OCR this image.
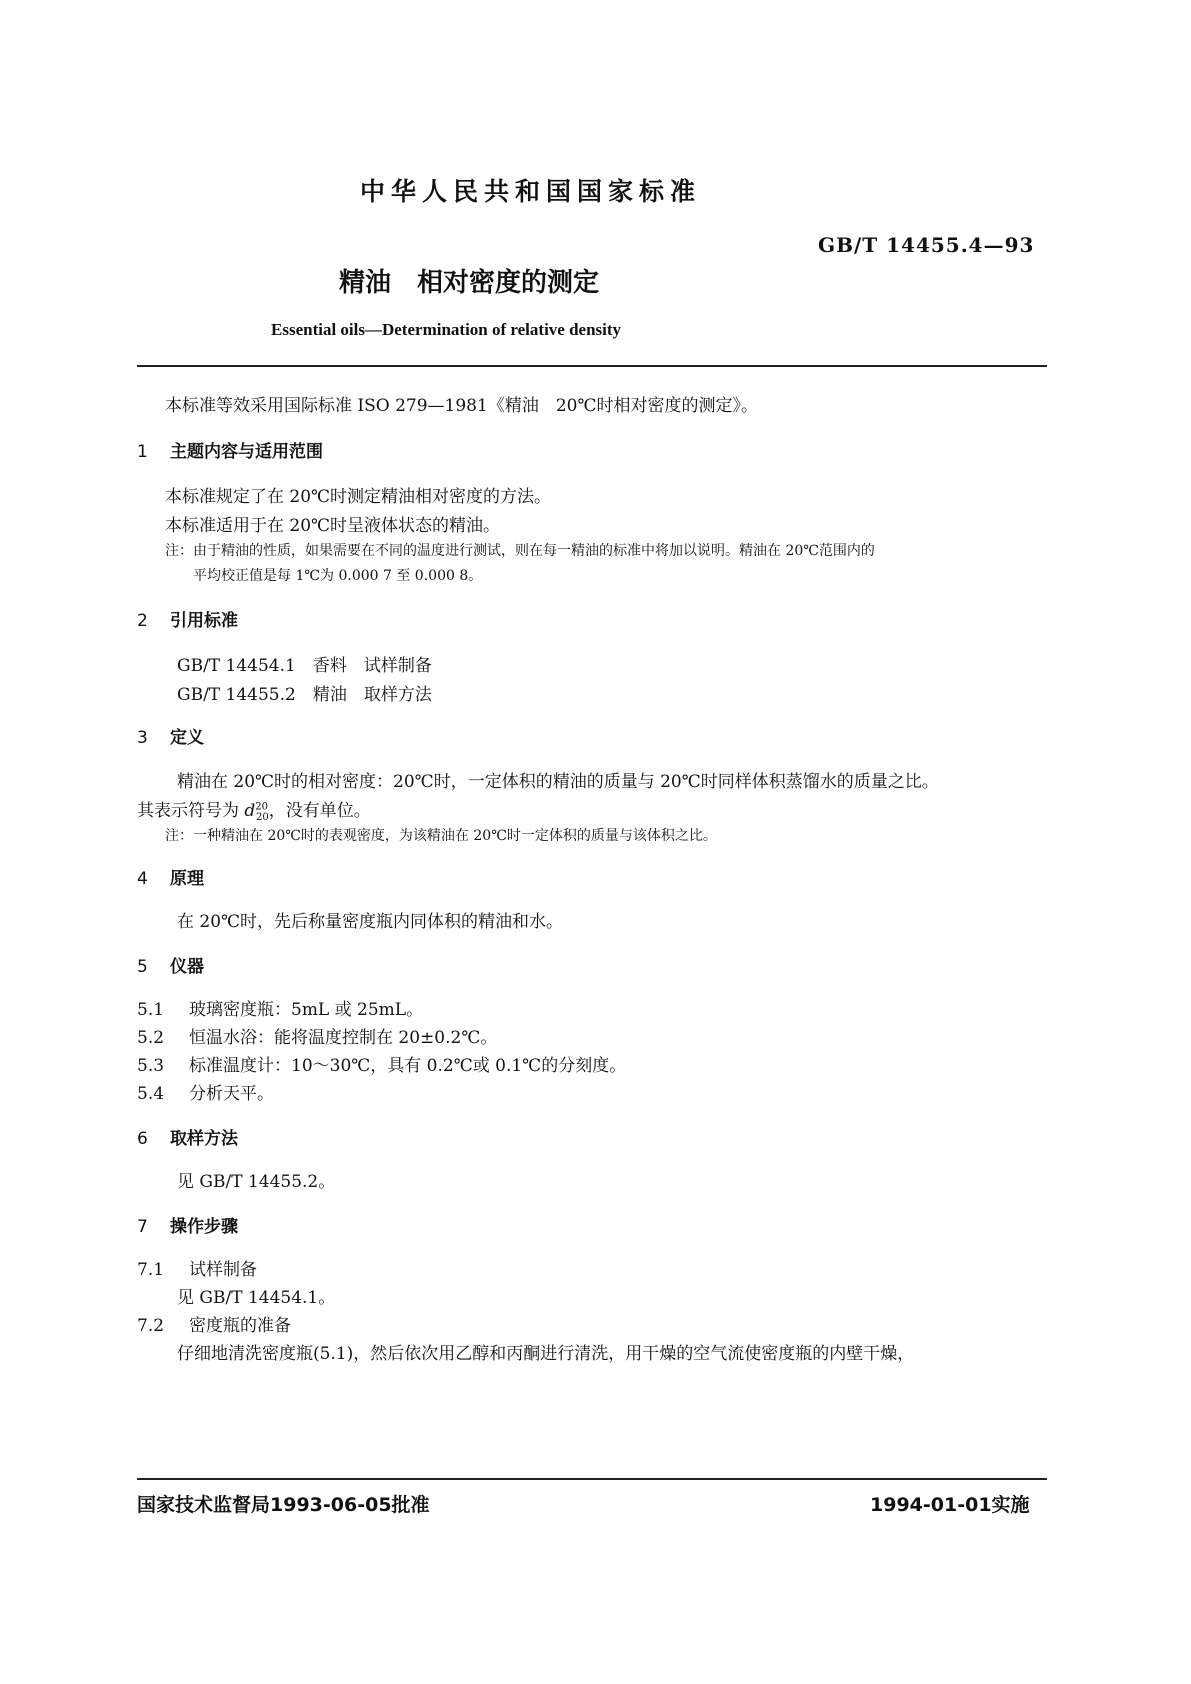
中华人民共和国国家标准
GB/T 14455.4—93
精油　相对密度的测定
Essential oils—Determination of relative density
本标准等效采用国际标准 ISO 279—1981《精油　20℃时相对密度的测定》。
1 主题内容与适用范围
本标准规定了在 20℃时测定精油相对密度的方法。
本标准适用于在 20℃时呈液体状态的精油。
注：由于精油的性质，如果需要在不同的温度进行测试，则在每一精油的标准中将加以说明。精油在 20℃范围内的
平均校正值是每 1℃为 0.000 7 至 0.000 8。
2 引用标准
GB/T 14454.1　香料　试样制备
GB/T 14455.2　精油　取样方法
3 定义
精油在 20℃时的相对密度：20℃时，一定体积的精油的质量与 20℃时同样体积蒸馏水的质量之比。
其表示符号为 $d^{20}_{20}$，没有单位。
注：一种精油在 20℃时的表观密度，为该精油在 20℃时一定体积的质量与该体积之比。
4 原理
在 20℃时，先后称量密度瓶内同体积的精油和水。
5 仪器
5.1 玻璃密度瓶：5mL 或 25mL。
5.2 恒温水浴：能将温度控制在 20±0.2℃。
5.3 标准温度计：10～30℃，具有 0.2℃或 0.1℃的分刻度。
5.4 分析天平。
6 取样方法
见 GB/T 14455.2。
7 操作步骤
7.1 试样制备
见 GB/T 14454.1。
7.2 密度瓶的准备
仔细地清洗密度瓶(5.1)，然后依次用乙醇和丙酮进行清洗，用干燥的空气流使密度瓶的内壁干燥，
国家技术监督局1993-06-05批准	1994-01-01实施
